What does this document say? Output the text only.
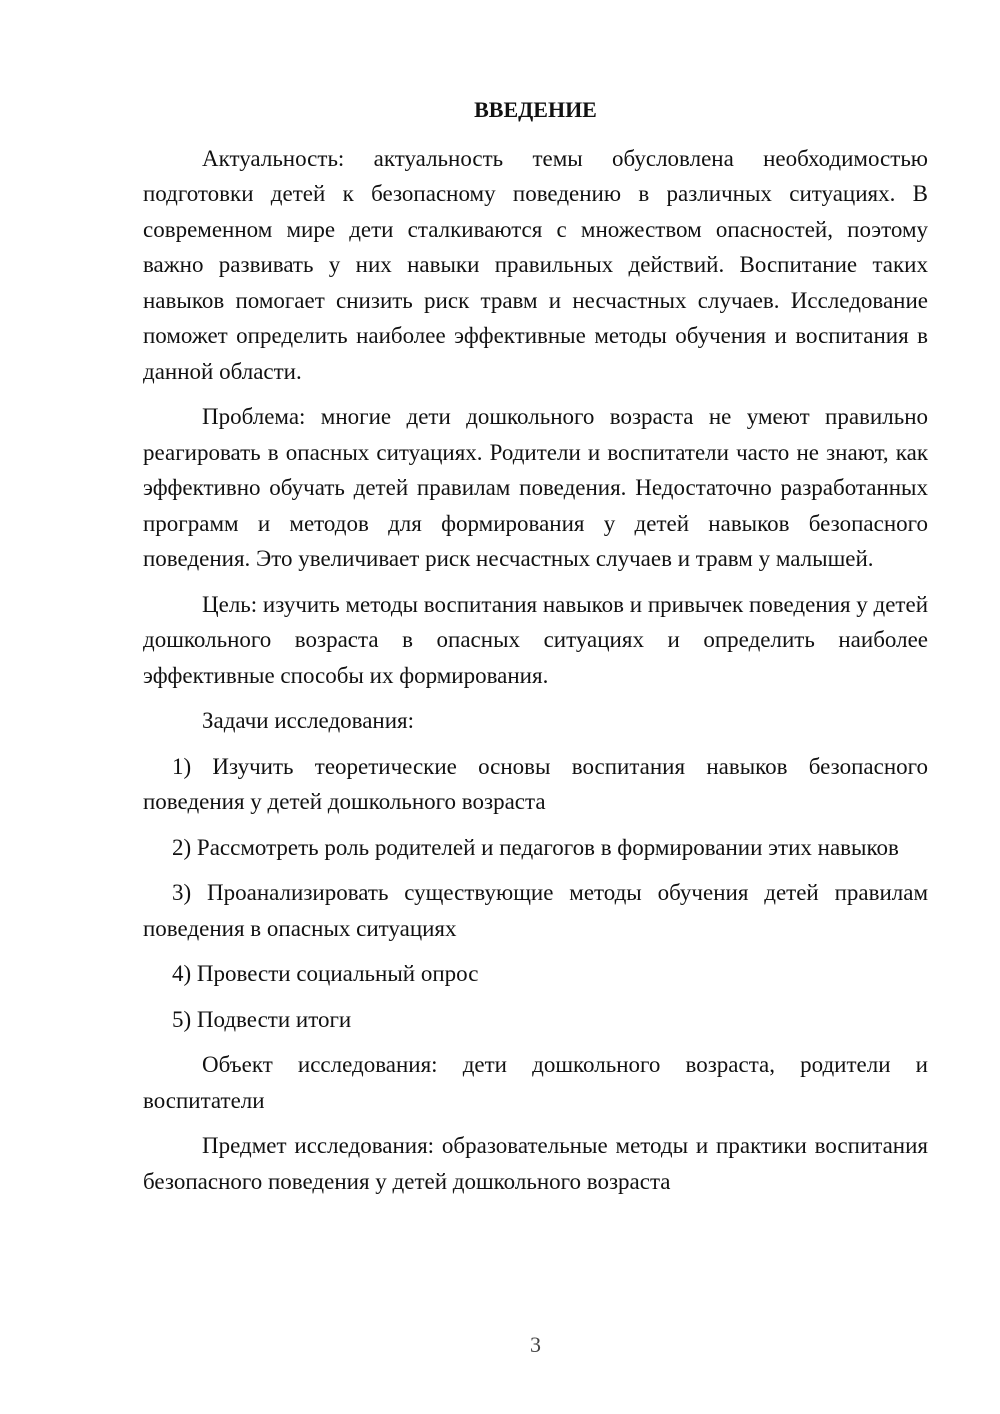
ВВЕДЕНИЕ

Актуальность: актуальность темы обусловлена необходимостью подготовки детей к безопасному поведению в различных ситуациях. В современном мире дети сталкиваются с множеством опасностей, поэтому важно развивать у них навыки правильных действий. Воспитание таких навыков помогает снизить риск травм и несчастных случаев. Исследование поможет определить наиболее эффективные методы обучения и воспитания в данной области.

Проблема: многие дети дошкольного возраста не умеют правильно реагировать в опасных ситуациях. Родители и воспитатели часто не знают, как эффективно обучать детей правилам поведения. Недостаточно разработанных программ и методов для формирования у детей навыков безопасного поведения. Это увеличивает риск несчастных случаев и травм у малышей.

Цель: изучить методы воспитания навыков и привычек поведения у детей дошкольного возраста в опасных ситуациях и определить наиболее эффективные способы их формирования.

Задачи исследования:

1) Изучить теоретические основы воспитания навыков безопасного поведения у детей дошкольного возраста

2) Рассмотреть роль родителей и педагогов в формировании этих навыков

3) Проанализировать существующие методы обучения детей правилам поведения в опасных ситуациях

4) Провести социальный опрос

5) Подвести итоги

Объект исследования: дети дошкольного возраста, родители и воспитатели

Предмет исследования: образовательные методы и практики воспитания безопасного поведения у детей дошкольного возраста

3
